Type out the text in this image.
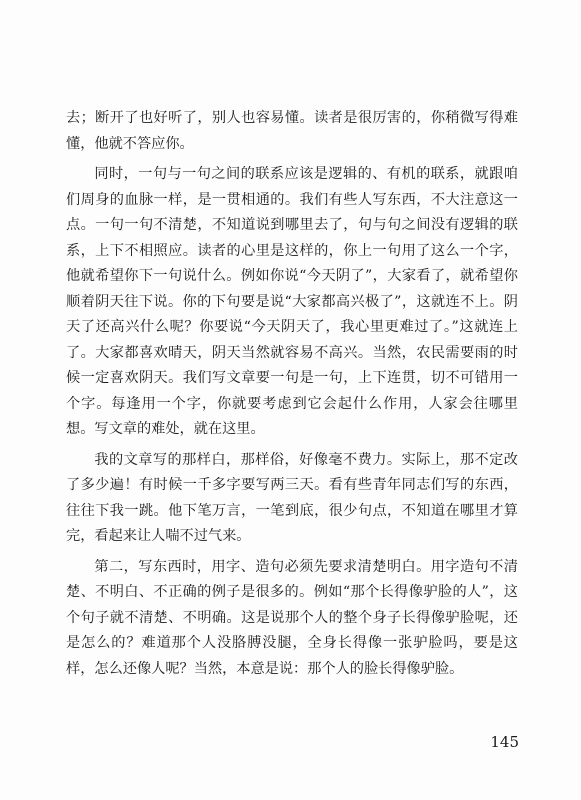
去；断开了也好听了，别人也容易懂。读者是很厉害的，你稍微写得难懂，他就不答应你。

同时，一句与一句之间的联系应该是逻辑的、有机的联系，就跟咱们周身的血脉一样，是一贯相通的。我们有些人写东西，不大注意这一点。一句一句不清楚，不知道说到哪里去了，句与句之间没有逻辑的联系，上下不相照应。读者的心里是这样的，你上一句用了这么一个字，他就希望你下一句说什么。例如你说“今天阴了”，大家看了，就希望你顺着阴天往下说。你的下句要是说“大家都高兴极了”，这就连不上。阴天了还高兴什么呢？你要说“今天阴天了，我心里更难过了。”这就连上了。大家都喜欢晴天，阴天当然就容易不高兴。当然，农民需要雨的时候一定喜欢阴天。我们写文章要一句是一句，上下连贯，切不可错用一个字。每逢用一个字，你就要考虑到它会起什么作用，人家会往哪里想。写文章的难处，就在这里。

我的文章写的那样白，那样俗，好像毫不费力。实际上，那不定改了多少遍！有时候一千多字要写两三天。看有些青年同志们写的东西，往往下我一跳。他下笔万言，一笔到底，很少句点，不知道在哪里才算完，看起来让人喘不过气来。

第二，写东西时，用字、造句必须先要求清楚明白。用字造句不清楚、不明白、不正确的例子是很多的。例如“那个长得像驴脸的人”，这个句子就不清楚、不明确。这是说那个人的整个身子长得像驴脸呢，还是怎么的？难道那个人没胳膊没腿，全身长得像一张驴脸吗，要是这样，怎么还像人呢？当然，本意是说：那个人的脸长得像驴脸。

145
